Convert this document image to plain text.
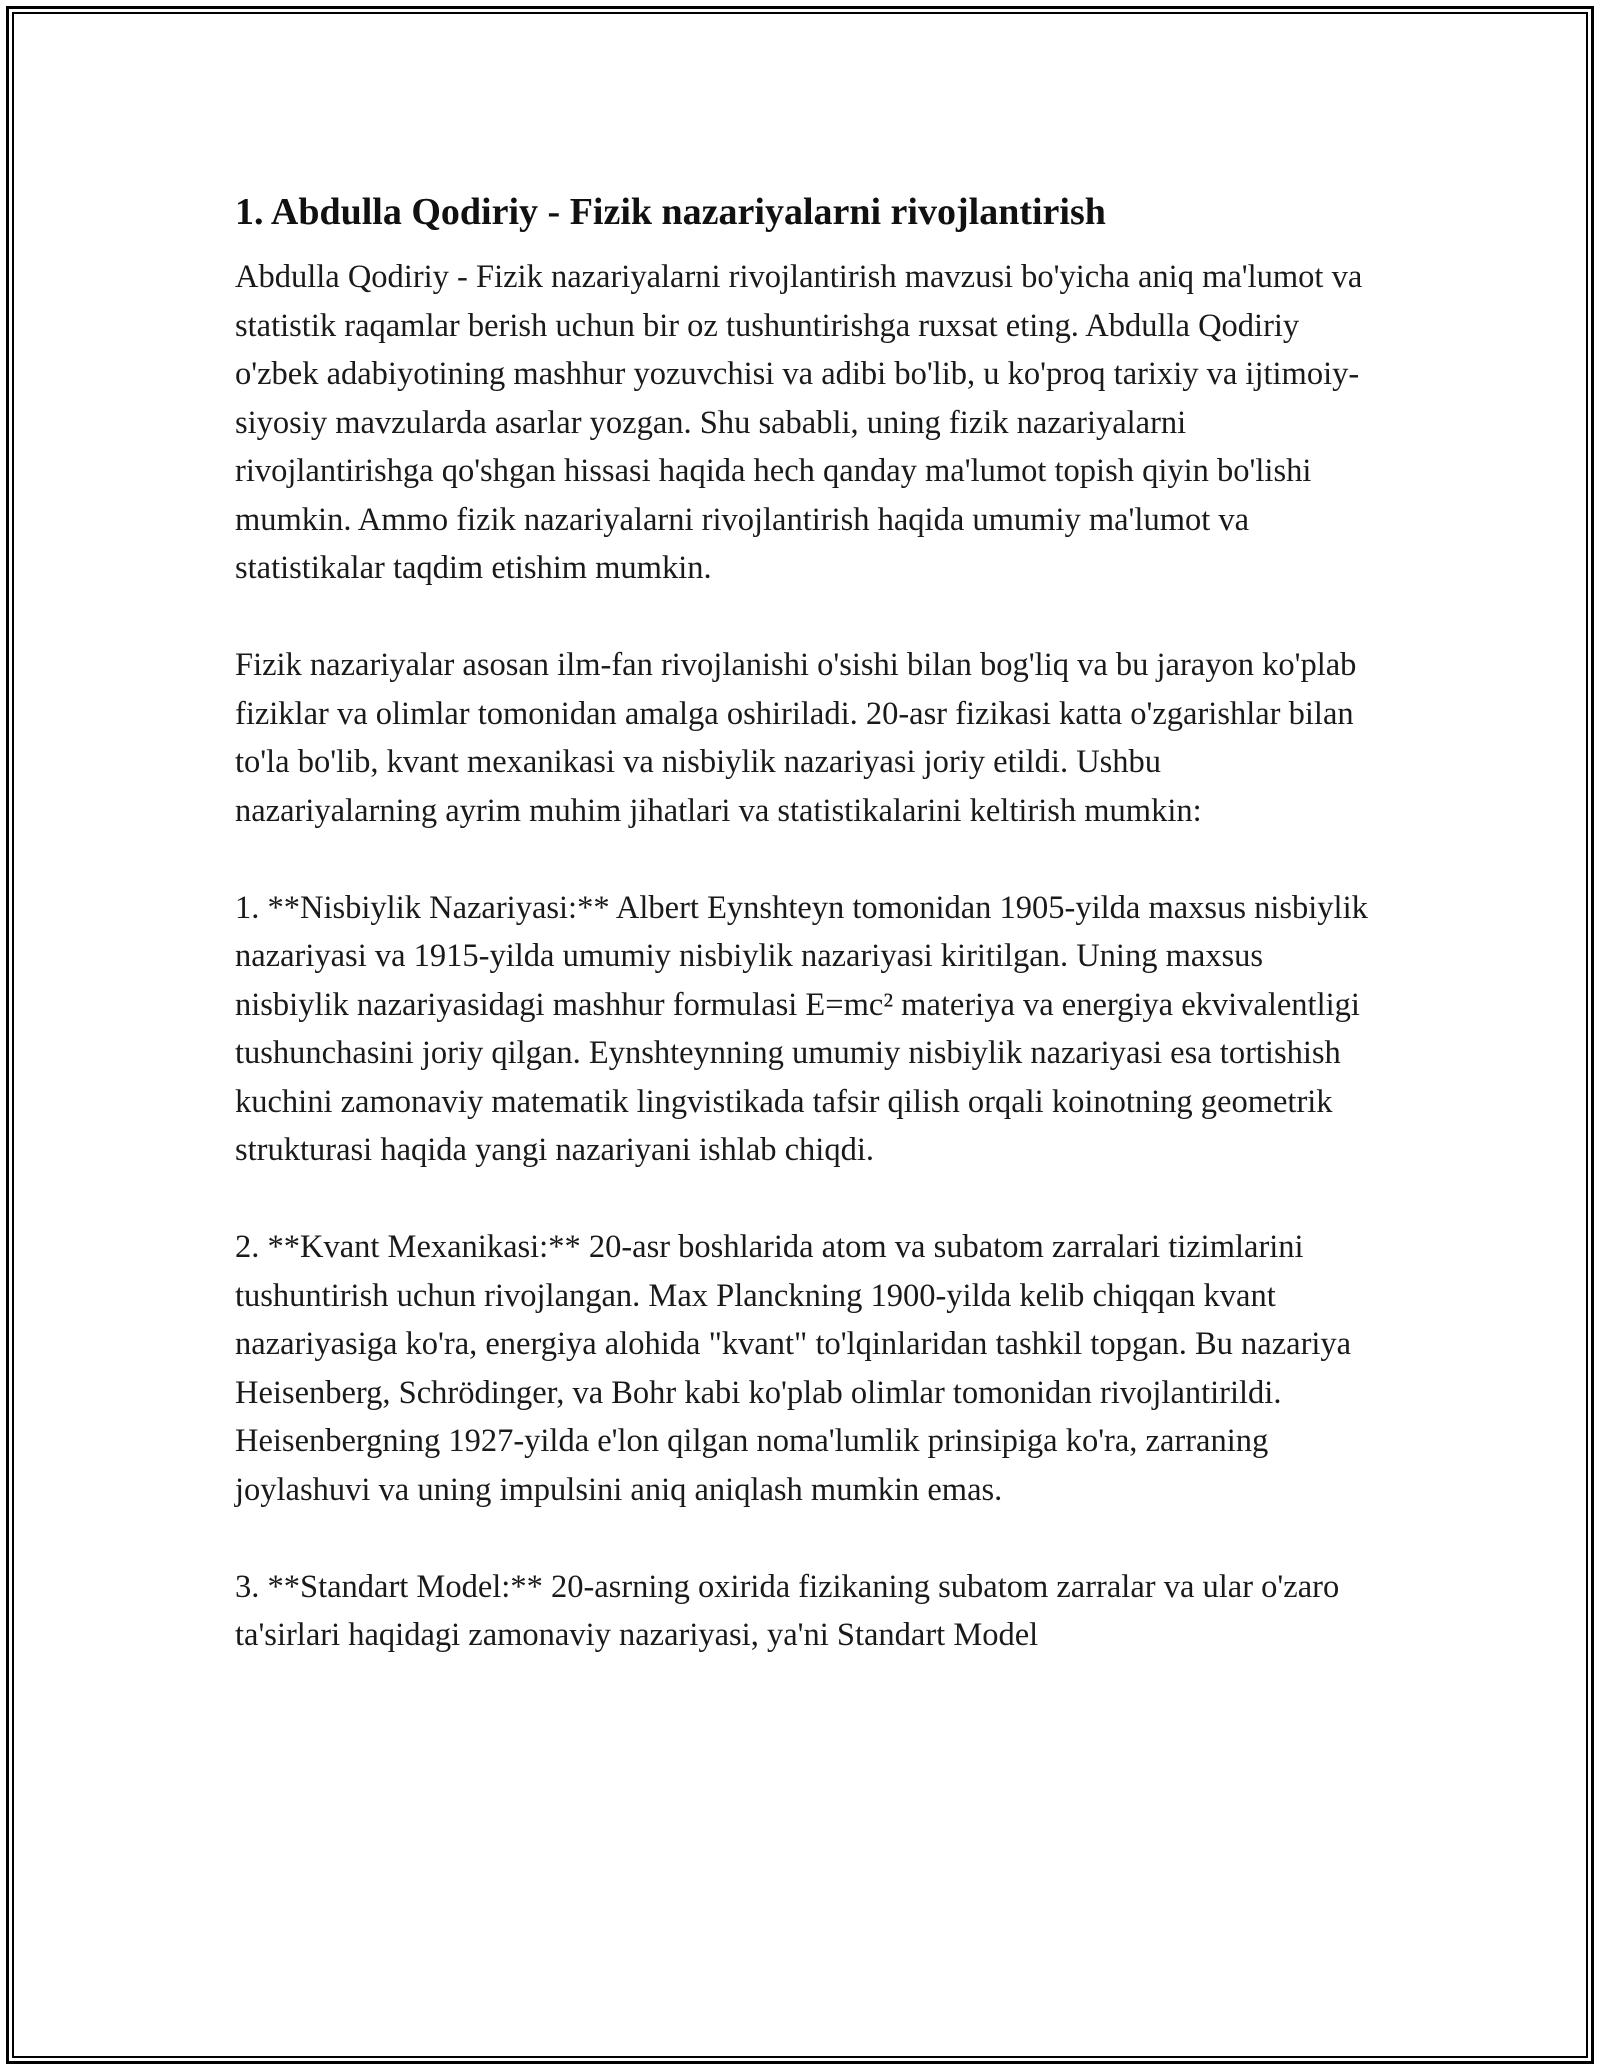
1. Abdulla Qodiriy - Fizik nazariyalarni rivojlantirish

Abdulla Qodiriy - Fizik nazariyalarni rivojlantirish mavzusi bo'yicha aniq ma'lumot va statistik raqamlar berish uchun bir oz tushuntirishga ruxsat eting. Abdulla Qodiriy o'zbek adabiyotining mashhur yozuvchisi va adibi bo'lib, u ko'proq tarixiy va ijtimoiy-siyosiy mavzularda asarlar yozgan. Shu sababli, uning fizik nazariyalarni rivojlantirishga qo'shgan hissasi haqida hech qanday ma'lumot topish qiyin bo'lishi mumkin. Ammo fizik nazariyalarni rivojlantirish haqida umumiy ma'lumot va statistikalar taqdim etishim mumkin.

Fizik nazariyalar asosan ilm-fan rivojlanishi o'sishi bilan bog'liq va bu jarayon ko'plab fiziklar va olimlar tomonidan amalga oshiriladi. 20-asr fizikasi katta o'zgarishlar bilan to'la bo'lib, kvant mexanikasi va nisbiylik nazariyasi joriy etildi. Ushbu nazariyalarning ayrim muhim jihatlari va statistikalarini keltirish mumkin:

1. **Nisbiylik Nazariyasi:** Albert Eynshteyn tomonidan 1905-yilda maxsus nisbiylik nazariyasi va 1915-yilda umumiy nisbiylik nazariyasi kiritilgan. Uning maxsus nisbiylik nazariyasidagi mashhur formulasi E=mc² materiya va energiya ekvivalentligi tushunchasini joriy qilgan. Eynshteynning umumiy nisbiylik nazariyasi esa tortishish kuchini zamonaviy matematik lingvistikada tafsir qilish orqali koinotning geometrik strukturasi haqida yangi nazariyani ishlab chiqdi.

2. **Kvant Mexanikasi:** 20-asr boshlarida atom va subatom zarralari tizimlarini tushuntirish uchun rivojlangan. Max Planckning 1900-yilda kelib chiqqan kvant nazariyasiga ko'ra, energiya alohida "kvant" to'lqinlaridan tashkil topgan. Bu nazariya Heisenberg, Schrödinger, va Bohr kabi ko'plab olimlar tomonidan rivojlantirildi. Heisenbergning 1927-yilda e'lon qilgan noma'lumlik prinsipiga ko'ra, zarraning joylashuvi va uning impulsini aniq aniqlash mumkin emas.

3. **Standart Model:** 20-asrning oxirida fizikaning subatom zarralar va ular o'zaro ta'sirlari haqidagi zamonaviy nazariyasi, ya'ni Standart Model
